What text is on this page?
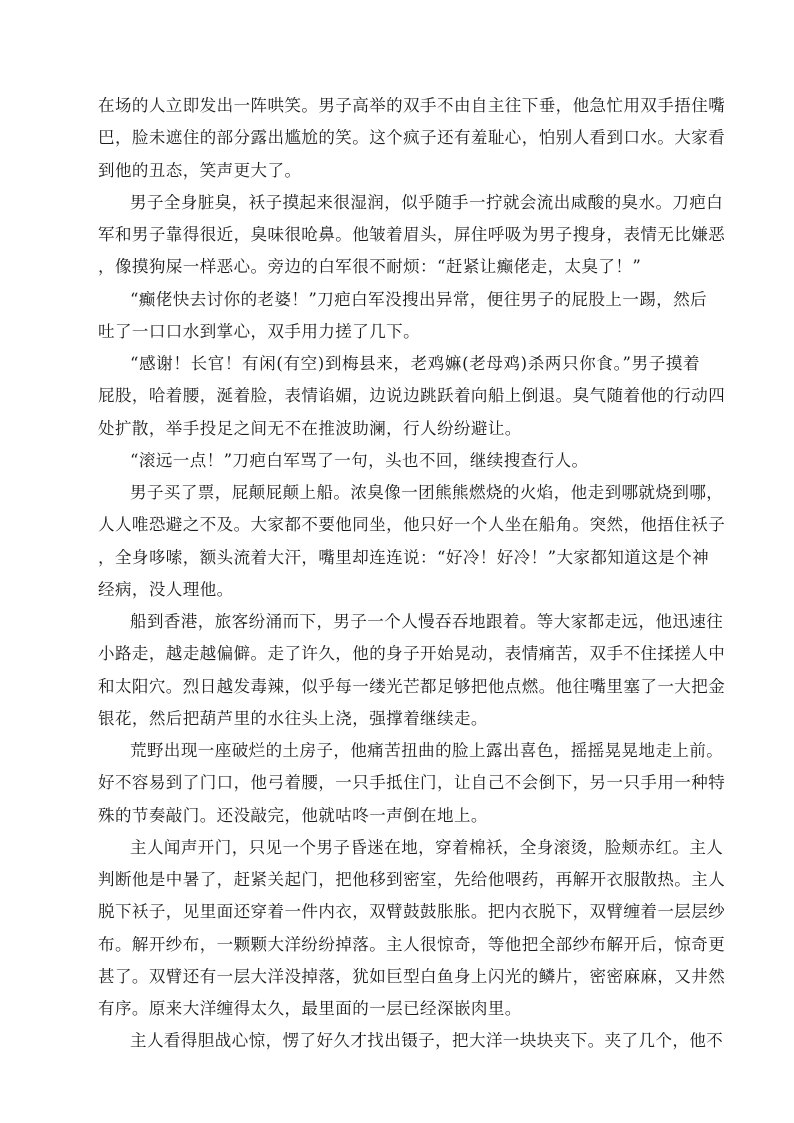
在场的人立即发出一阵哄笑。男子高举的双手不由自主往下垂，他急忙用双手捂住嘴
巴，脸未遮住的部分露出尴尬的笑。这个疯子还有羞耻心，怕别人看到口水。大家看
到他的丑态，笑声更大了。
男子全身脏臭，袄子摸起来很湿润，似乎随手一拧就会流出咸酸的臭水。刀疤白
军和男子靠得很近，臭味很呛鼻。他皱着眉头，屏住呼吸为男子搜身，表情无比嫌恶
，像摸狗屎一样恶心。旁边的白军很不耐烦：“赶紧让癫佬走，太臭了！”
“癫佬快去讨你的老婆！”刀疤白军没搜出异常，便往男子的屁股上一踢，然后
吐了一口口水到掌心，双手用力搓了几下。
“感谢！长官！有闲(有空)到梅县来，老鸡嫲(老母鸡)杀两只你食。”男子摸着
屁股，哈着腰，涎着脸，表情谄媚，边说边跳跃着向船上倒退。臭气随着他的行动四
处扩散，举手投足之间无不在推波助澜，行人纷纷避让。
“滚远一点！”刀疤白军骂了一句，头也不回，继续搜查行人。
男子买了票，屁颠屁颠上船。浓臭像一团熊熊燃烧的火焰，他走到哪就烧到哪，
人人唯恐避之不及。大家都不要他同坐，他只好一个人坐在船角。突然，他捂住袄子
，全身哆嗦，额头流着大汗，嘴里却连连说：“好冷！好冷！”大家都知道这是个神
经病，没人理他。
船到香港，旅客纷涌而下，男子一个人慢吞吞地跟着。等大家都走远，他迅速往
小路走，越走越偏僻。走了许久，他的身子开始晃动，表情痛苦，双手不住揉搓人中
和太阳穴。烈日越发毒辣，似乎每一缕光芒都足够把他点燃。他往嘴里塞了一大把金
银花，然后把葫芦里的水往头上浇，强撑着继续走。
荒野出现一座破烂的土房子，他痛苦扭曲的脸上露出喜色，摇摇晃晃地走上前。
好不容易到了门口，他弓着腰，一只手抵住门，让自己不会倒下，另一只手用一种特
殊的节奏敲门。还没敲完，他就咕咚一声倒在地上。
主人闻声开门，只见一个男子昏迷在地，穿着棉袄，全身滚烫，脸颊赤红。主人
判断他是中暑了，赶紧关起门，把他移到密室，先给他喂药，再解开衣服散热。主人
脱下袄子，见里面还穿着一件内衣，双臂鼓鼓胀胀。把内衣脱下，双臂缠着一层层纱
布。解开纱布，一颗颗大洋纷纷掉落。主人很惊奇，等他把全部纱布解开后，惊奇更
甚了。双臂还有一层大洋没掉落，犹如巨型白鱼身上闪光的鳞片，密密麻麻，又井然
有序。原来大洋缠得太久，最里面的一层已经深嵌肉里。
主人看得胆战心惊，愣了好久才找出镊子，把大洋一块块夹下。夹了几个，他不
